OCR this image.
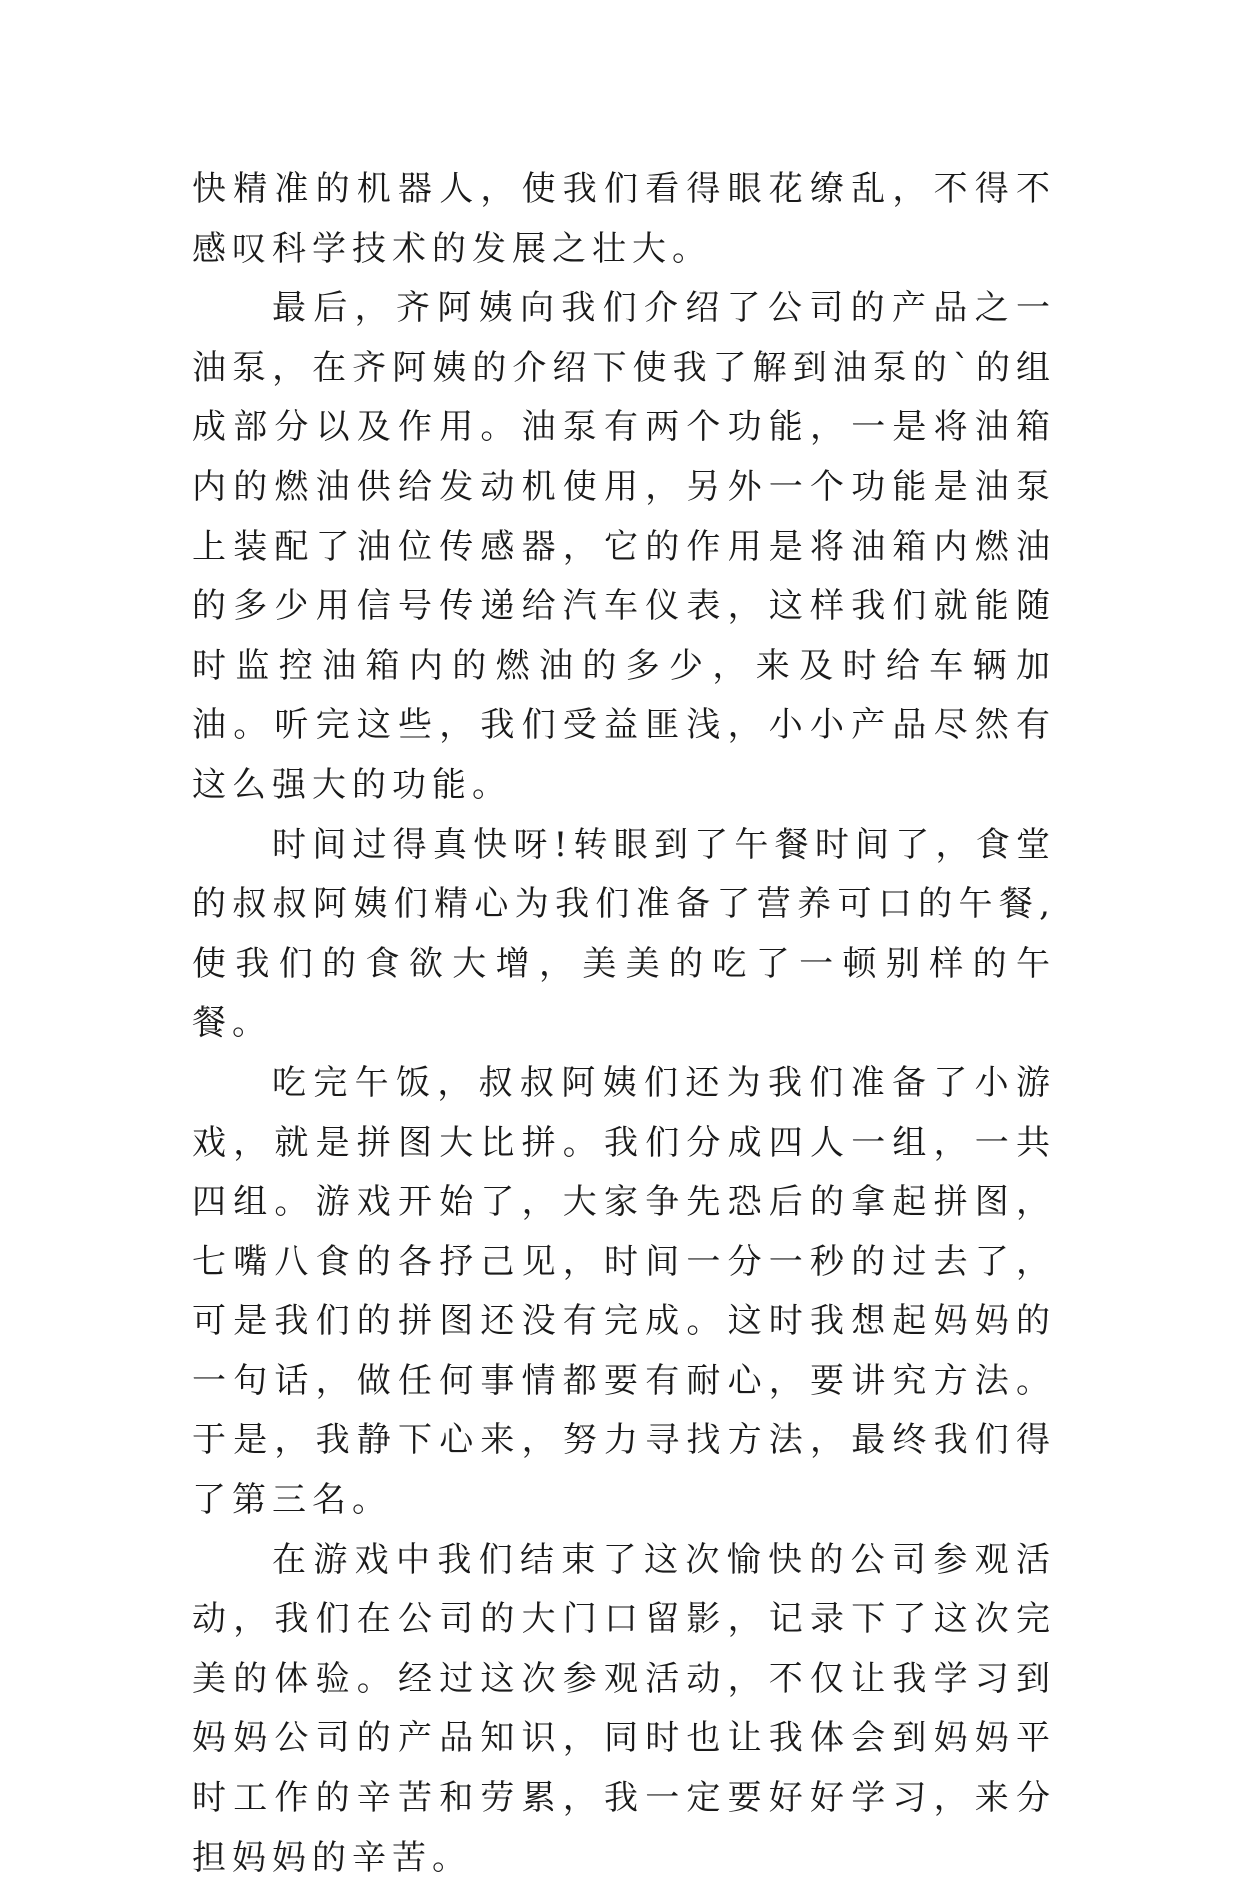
快精准的机器人，使我们看得眼花缭乱，不得不感叹科学技术的发展之壮大。

最后，齐阿姨向我们介绍了公司的产品之一油泵，在齐阿姨的介绍下使我了解到油泵的`的组成部分以及作用。油泵有两个功能，一是将油箱内的燃油供给发动机使用，另外一个功能是油泵上装配了油位传感器，它的作用是将油箱内燃油的多少用信号传递给汽车仪表，这样我们就能随时监控油箱内的燃油的多少，来及时给车辆加油。听完这些，我们受益匪浅，小小产品尽然有这么强大的功能。

时间过得真快呀!转眼到了午餐时间了，食堂的叔叔阿姨们精心为我们准备了营养可口的午餐,使我们的食欲大增，美美的吃了一顿别样的午餐。

吃完午饭，叔叔阿姨们还为我们准备了小游戏，就是拼图大比拼。我们分成四人一组，一共四组。游戏开始了，大家争先恐后的拿起拼图，七嘴八食的各抒己见，时间一分一秒的过去了，可是我们的拼图还没有完成。这时我想起妈妈的一句话，做任何事情都要有耐心，要讲究方法。于是，我静下心来，努力寻找方法，最终我们得了第三名。

在游戏中我们结束了这次愉快的公司参观活动，我们在公司的大门口留影，记录下了这次完美的体验。经过这次参观活动，不仅让我学习到妈妈公司的产品知识，同时也让我体会到妈妈平时工作的辛苦和劳累，我一定要好好学习，来分担妈妈的辛苦。
